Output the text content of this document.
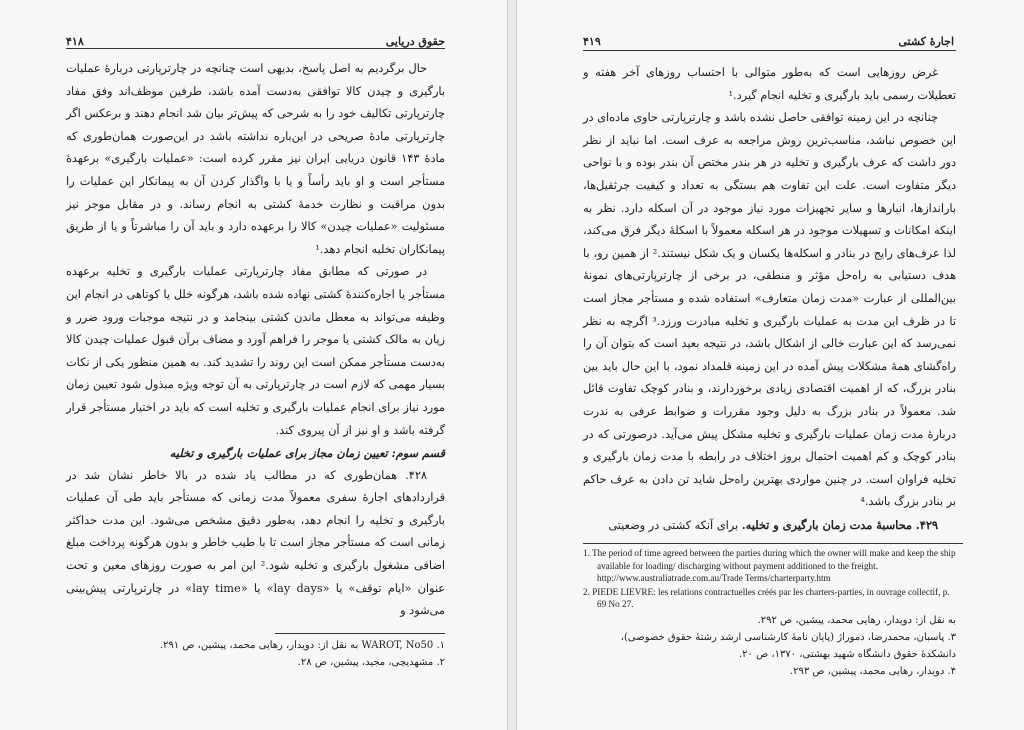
حقوق دریایی
۴۱۸

حال برگردیم به اصل پاسخ، بدیهی است چنانچه در چارترپارتی دربارهٔ عملیات بارگیری و چیدن کالا توافقی به‌دست آمده باشد، طرفین موظف‌اند وفق مفاد چارترپارتی تکالیف خود را به شرحی که پیش‌تر بیان شد انجام دهند و برعکس اگر چارترپارتی مادهٔ صریحی در این‌باره نداشته باشد در این‌صورت همان‌طوری که مادهٔ ۱۴۳ قانون دریایی ایران نیز مقرر کرده است: «عملیات بارگیری» برعهدهٔ مستأجر است و او باید رأساً و یا با واگذار کردن آن به پیمانکار این عملیات را بدون مراقبت و نظارت خدمهٔ کشتی به انجام رساند. و در مقابل موجر نیز مسئولیت «عملیات چیدن» کالا را برعهده دارد و باید آن را مباشرتاً و یا از طریق پیمانکاران تخلیه انجام دهد.¹

در صورتی که مطابق مفاد چارترپارتی عملیات بارگیری و تخلیه برعهده مستأجر یا اجاره‌کنندهٔ کشتی نهاده شده باشد، هرگونه خلل یا کوتاهی در انجام این وظیفه می‌تواند به معطل ماندن کشتی بینجامد و در نتیجه موجبات ورود ضرر و زیان به مالک کشتی یا موجر را فراهم آورد و مضاف برآن قبول عملیات چیدن کالا به‌دست مستأجر ممکن است این روند را تشدید کند. به همین منظور یکی از نکات بسیار مهمی که لازم است در چارترپارتی به آن توجه ویژه مبذول شود تعیین زمان مورد نیاز برای انجام عملیات بارگیری و تخلیه است که باید در اختیار مستأجر قرار گرفته باشد و او نیز از آن پیروی کند.

قسم سوم: تعیین زمان مجاز برای عملیات بارگیری و تخلیه

۴۲۸. همان‌طوری که در مطالب یاد شده در بالا خاطر نشان شد در قراردادهای اجارهٔ سفری معمولاً مدت زمانی که مستأجر باید طی آن عملیات بارگیری و تخلیه را انجام دهد، به‌طور دقیق مشخص می‌شود. این مدت حداکثر زمانی است که مستأجر مجاز است تا با طیب خاطر و بدون هرگونه پرداخت مبلغ اضافی مشغول بارگیری و تخلیه شود.² این امر به صورت روزهای معین و تحت عنوان «ایام توقف» یا «lay days» یا «lay time» در چارترپارتی پیش‌بینی می‌شود و

۱. WAROT, No50 به نقل از: دویدار، رهایی محمد، پیشین، ص ۲۹۱.

۲. مشهدیچی، مجید، پیشین، ص ۲۸.

اجارهٔ کشتی
۴۱۹

غرض روزهایی است که به‌طور متوالی با احتساب روزهای آخر هفته و تعطیلات رسمی باید بارگیری و تخلیه انجام گیرد.¹

چنانچه در این زمینه توافقی حاصل نشده باشد و چارترپارتی حاوی ماده‌ای در این خصوص نباشد، مناسب‌ترین روش مراجعه به عرف است. اما نباید از نظر دور داشت که عرف بارگیری و تخلیه در هر بندر مختص آن بندر بوده و با نواحی دیگر متفاوت است. علت این تفاوت هم بستگی به تعداد و کیفیت جرثقیل‌ها، بارانداز‌ها، انبارها و سایر تجهیزات مورد نیاز موجود در آن اسکله دارد. نظر به اینکه امکانات و تسهیلات موجود در هر اسکله معمولاً با اسکلهٔ دیگر فرق می‌کند، لذا عرف‌های رایج در بنادر و اسکله‌ها یکسان و یک شکل نیستند.² از همین رو، با هدف دستیابی به راه‌حل مؤثر و منطقی، در برخی از چارترپارتی‌های نمونهٔ بین‌المللی از عبارت «مدت زمان متعارف» استفاده شده و مستأجر مجاز است تا در ظرف این مدت به عملیات بارگیری و تخلیه مبادرت ورزد.³ اگرچه به نظر نمی‌رسد که این عبارت خالی از اشکال باشد، در نتیجه بعید است که بتوان آن را راه‌گشای همهٔ مشکلات پیش آمده در این زمینه قلمداد نمود، با این حال باید بین بنادر بزرگ، که از اهمیت اقتصادی زیادی برخوردارند، و بنادر کوچک تفاوت قائل شد. معمولاً در بنادر بزرگ به دلیل وجود مقررات و ضوابط عرفی به ندرت دربارهٔ مدت زمان عملیات بارگیری و تخلیه مشکل پیش می‌آید. درصورتی که در بنادر کوچک و کم اهمیت احتمال بروز اختلاف در رابطه با مدت زمان بارگیری و تخلیه فراوان است. در چنین مواردی بهترین راه‌حل شاید تن دادن به عرف حاکم بر بنادر بزرگ باشد.⁴

۴۲۹. محاسبهٔ مدت زمان بارگیری و تخلیه. برای آنکه کشتی در وضعیتی

1. The period of time agreed between the parties during which the owner will make and keep the ship available for loading/ discharging without payment additioned to the freight. http://www.australiatrade.com.au/Trade Terms/charterparty.htm

2. PIEDE LIEVRE: les relations contractuelles créés par les charters-parties, in ouvrage collectif, p. 69 No 27.

به نقل از: دویدار، رهایی محمد، پیشین، ص ۲۹۲.

۳. پاسبان، محمدرضا، دموراژ (پایان نامهٔ کارشناسی ارشد رشتهٔ حقوق خصوصی)، دانشکدهٔ حقوق دانشگاه شهید بهشتی، ۱۳۷۰، ص ۲۰.

۴. دویدار، رهایی محمد، پیشین، ص ۲۹۳.
